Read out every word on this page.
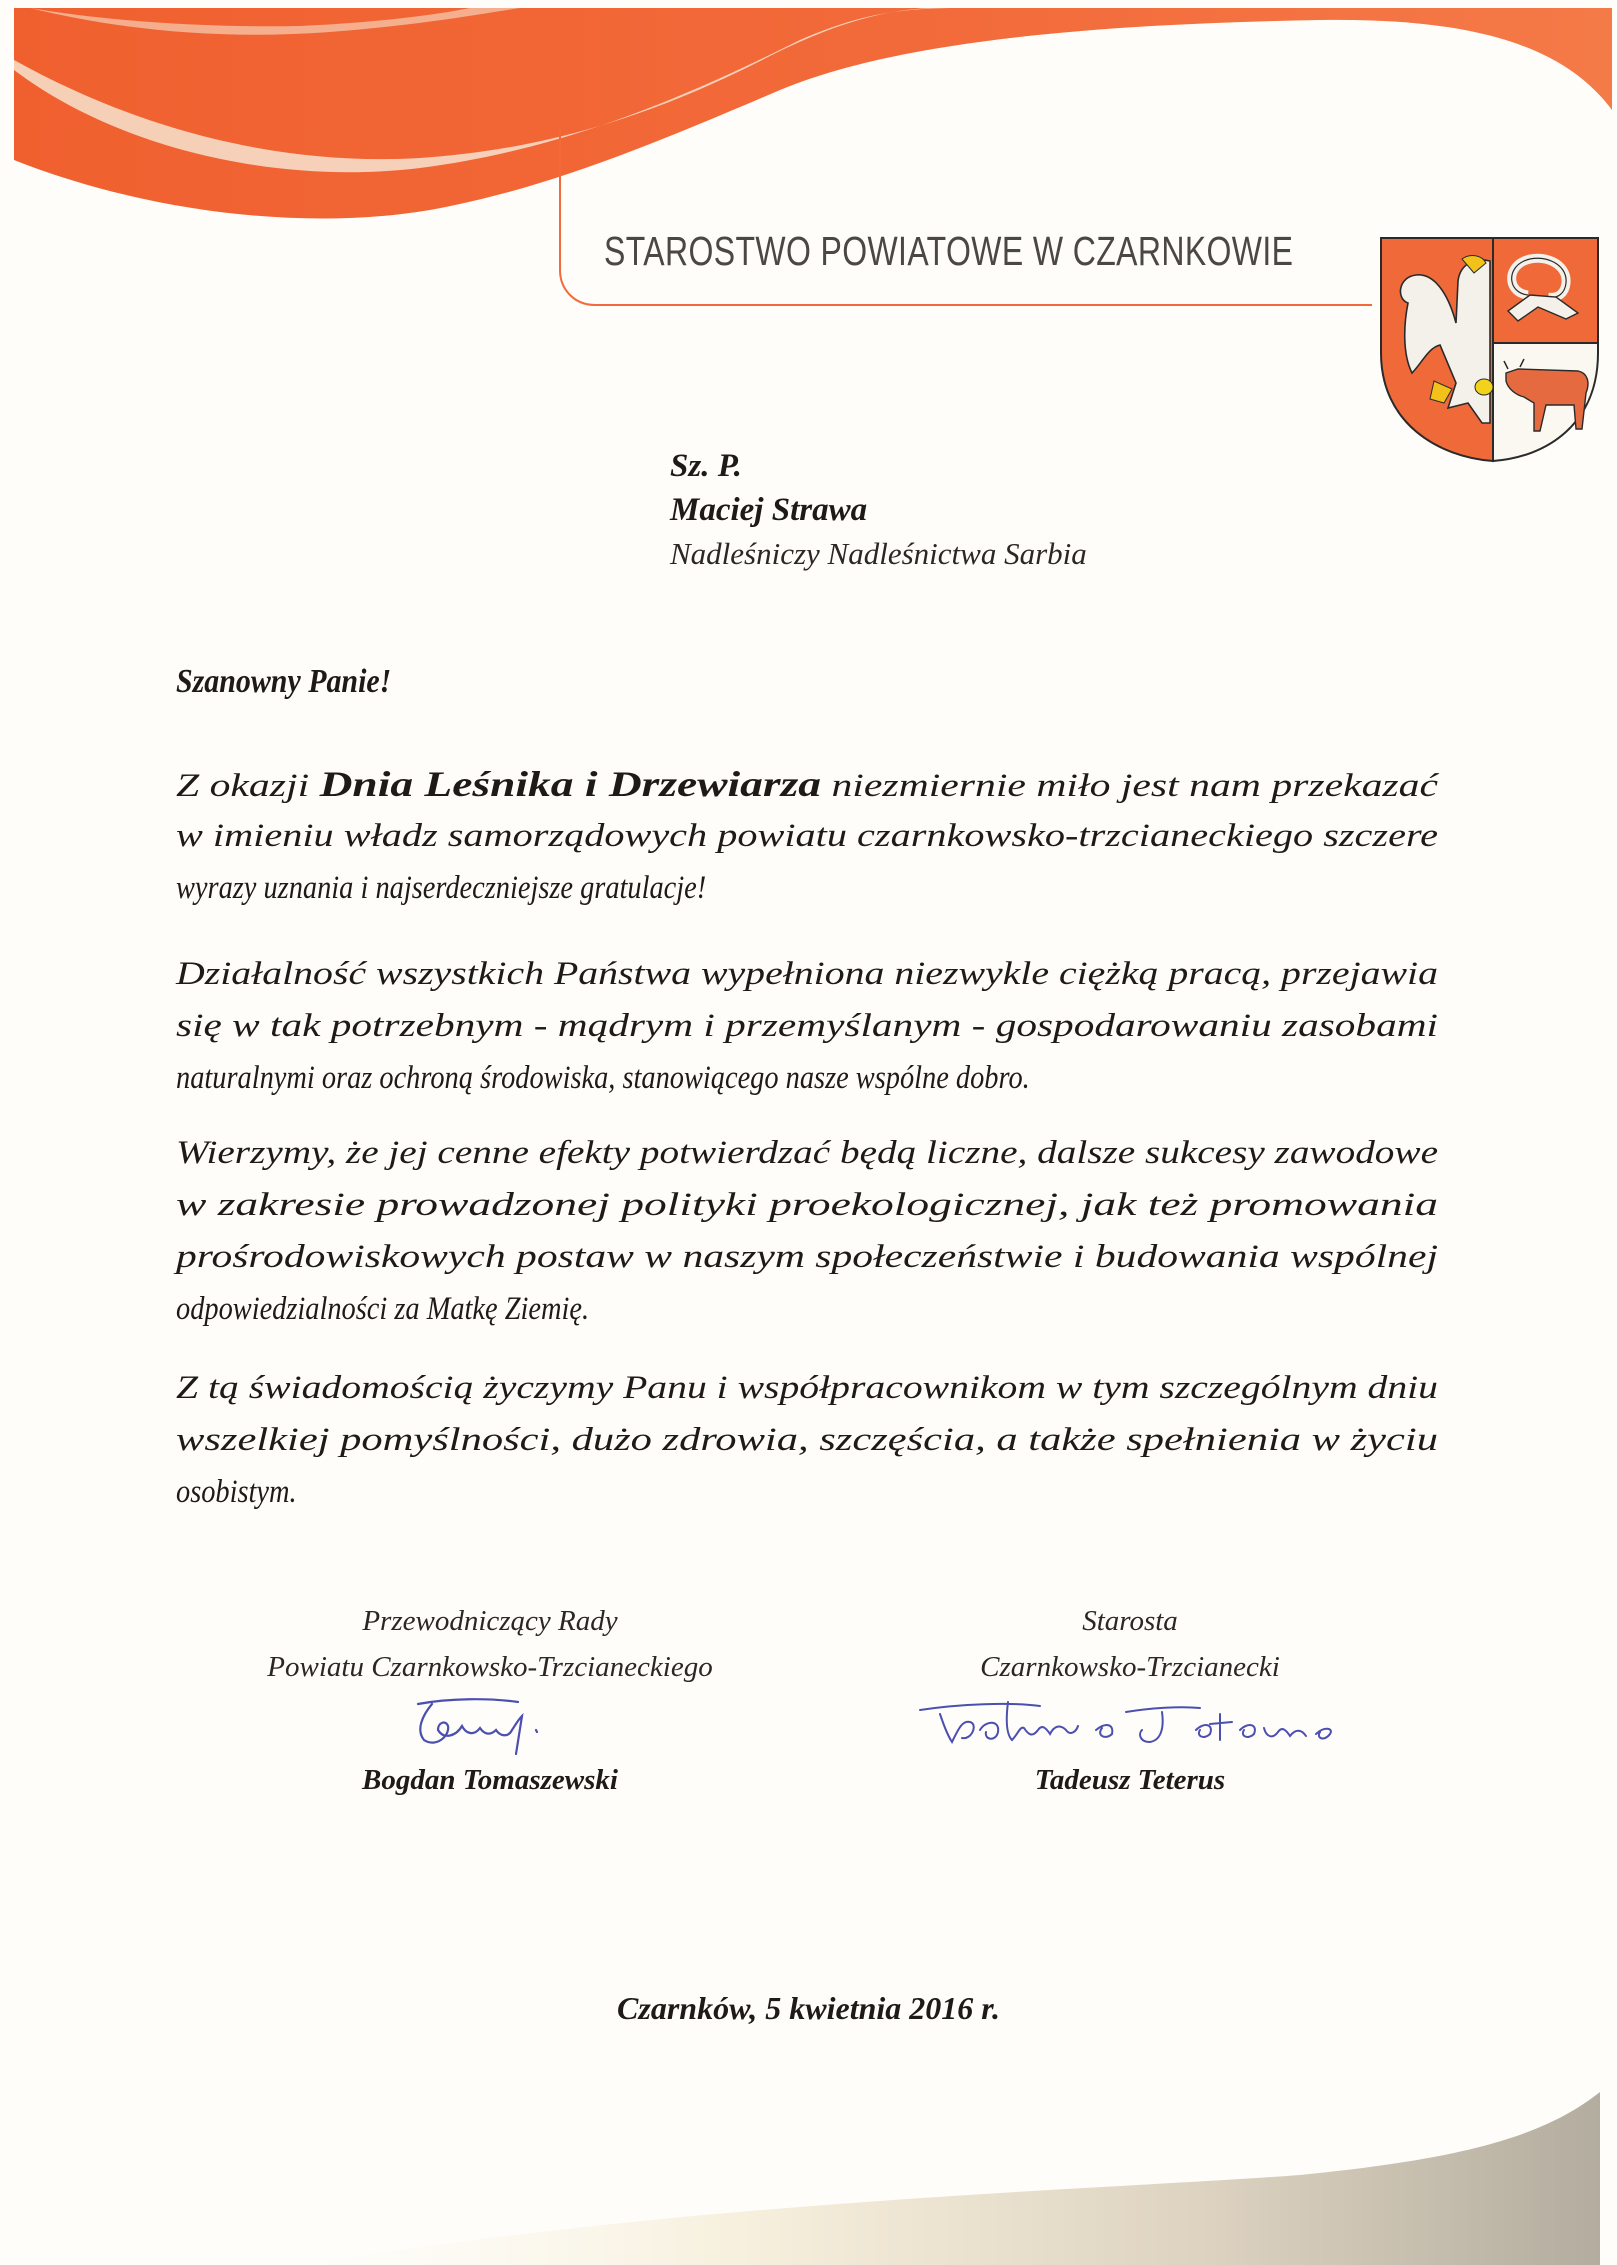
STAROSTWO POWIATOWE W CZARNKOWIE
Sz. P.
Maciej Strawa
Nadleśniczy Nadleśnictwa Sarbia
Szanowny Panie!
Z okazji Dnia Leśnika i Drzewiarza niezmiernie miło jest nam przekazać
w imieniu władz samorządowych powiatu czarnkowsko-trzcianeckiego szczere
wyrazy uznania i najserdeczniejsze gratulacje!
Działalność wszystkich Państwa wypełniona niezwykle ciężką pracą, przejawia
się w tak potrzebnym - mądrym i przemyślanym - gospodarowaniu zasobami
naturalnymi oraz ochroną środowiska, stanowiącego nasze wspólne dobro.
Wierzymy, że jej cenne efekty potwierdzać będą liczne, dalsze sukcesy zawodowe
w zakresie prowadzonej polityki proekologicznej, jak też promowania
prośrodowiskowych postaw w naszym społeczeństwie i budowania wspólnej
odpowiedzialności za Matkę Ziemię.
Z tą świadomością życzymy Panu i współpracownikom w tym szczególnym dniu
wszelkiej pomyślności, dużo zdrowia, szczęścia, a także spełnienia w życiu
osobistym.
Przewodniczący Rady
Powiatu Czarnkowsko-Trzcianeckiego
Bogdan Tomaszewski
Starosta
Czarnkowsko-Trzcianecki
Tadeusz Teterus
Czarnków, 5 kwietnia 2016 r.
